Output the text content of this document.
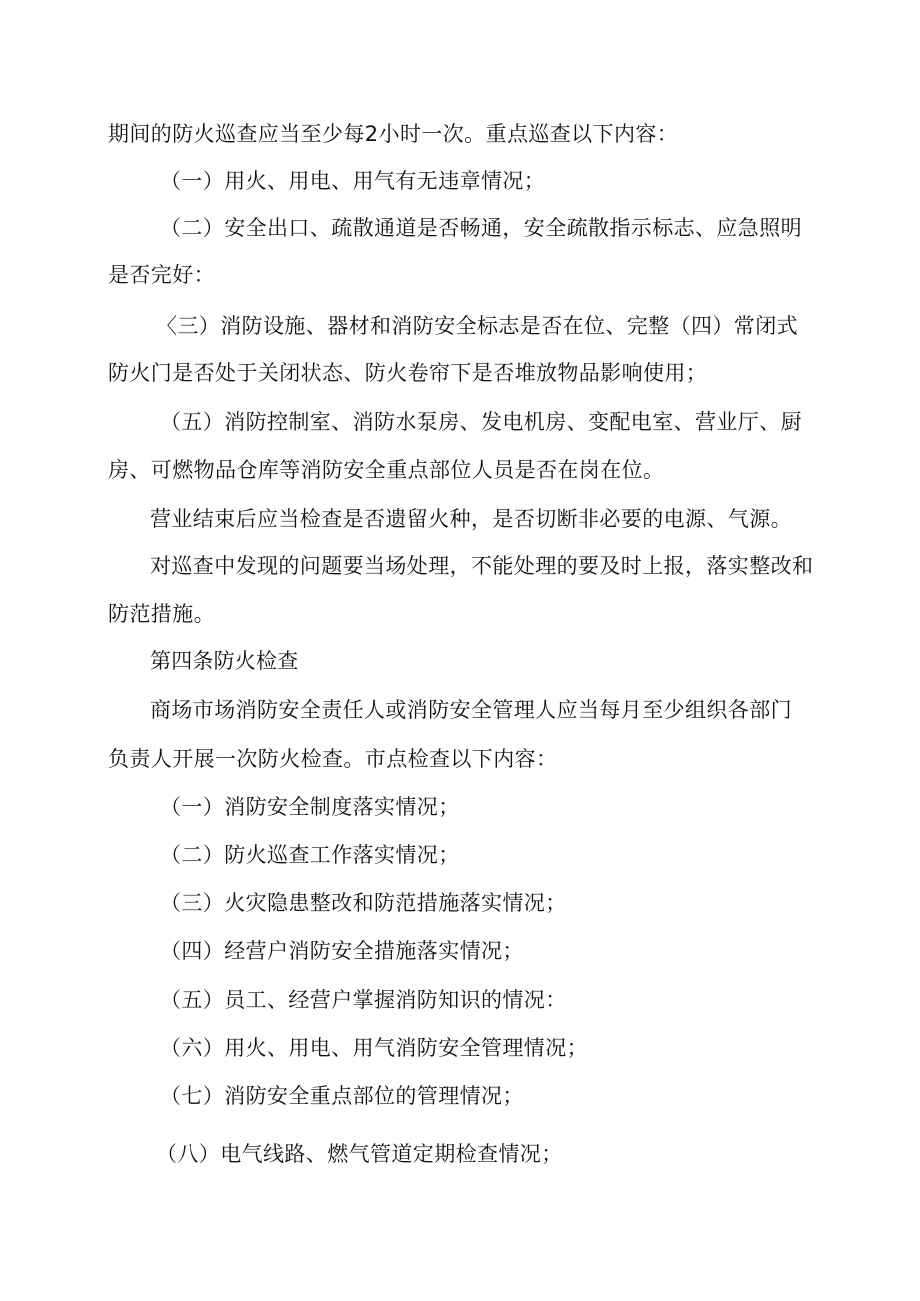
期间的防火巡查应当至少每2小时一次。重点巡查以下内容：
（一）用火、用电、用气有无违章情况；
（二）安全出口、疏散通道是否畅通，安全疏散指示标志、应急照明
是否完好：
〈三）消防设施、器材和消防安全标志是否在位、完整（四）常闭式
防火门是否处于关闭状态、防火卷帘下是否堆放物品影响使用；
（五）消防控制室、消防水泵房、发电机房、变配电室、营业厅、厨
房、可燃物品仓库等消防安全重点部位人员是否在岗在位。
营业结束后应当检查是否遗留火种，是否切断非必要的电源、气源。
对巡查中发现的问题要当场处理，不能处理的要及时上报，落实整改和
防范措施。
第四条防火检查
商场市场消防安全责任人或消防安全管理人应当每月至少组织各部门
负责人开展一次防火检查。市点检查以下内容：
（一）消防安全制度落实情况；
（二）防火巡查工作落实情况；
（三）火灾隐患整改和防范措施落实情况；
（四）经营户消防安全措施落实情况；
（五）员工、经营户掌握消防知识的情况：
（六）用火、用电、用气消防安全管理情况；
（七）消防安全重点部位的管理情况；
（八）电气线路、燃气管道定期检查情况；
